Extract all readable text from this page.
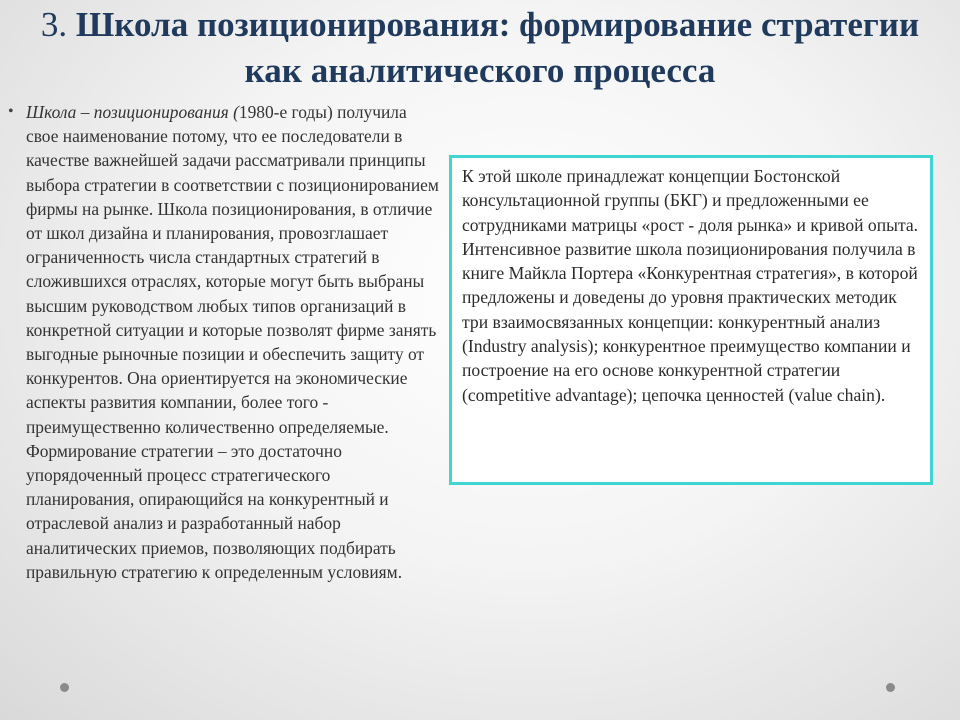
3. Школа позиционирования: формирование стратегии как аналитического процесса
• Школа – позиционирования (1980-е годы) получила свое наименование потому, что ее последователи в качестве важнейшей задачи рассматривали принципы выбора стратегии в соответствии с позиционированием фирмы на рынке. Школа позиционирования, в отличие от школ дизайна и планирования, провозглашает ограниченность числа стандартных стратегий в сложившихся отраслях, которые могут быть выбраны высшим руководством любых типов организаций в конкретной ситуации и которые позволят фирме занять выгодные рыночные позиции и обеспечить защиту от конкурентов. Она ориентируется на экономические аспекты развития компании, более того - преимущественно количественно определяемые. Формирование стратегии – это достаточно упорядоченный процесс стратегического планирования, опирающийся на конкурентный и отраслевой анализ и разработанный набор аналитических приемов, позволяющих подбирать правильную стратегию к определенным условиям.
К этой школе принадлежат концепции Бостонской консультационной группы (БКГ) и предложенными ее сотрудниками матрицы «рост - доля рынка» и кривой опыта. Интенсивное развитие школа позиционирования получила в книге Майкла Портера «Конкурентная стратегия», в которой предложены и доведены до уровня практических методик три взаимосвязанных концепции: конкурентный анализ (Industry analysis); конкурентное преимущество компании и построение на его основе конкурентной стратегии (competitive advantage); цепочка ценностей (value chain).
